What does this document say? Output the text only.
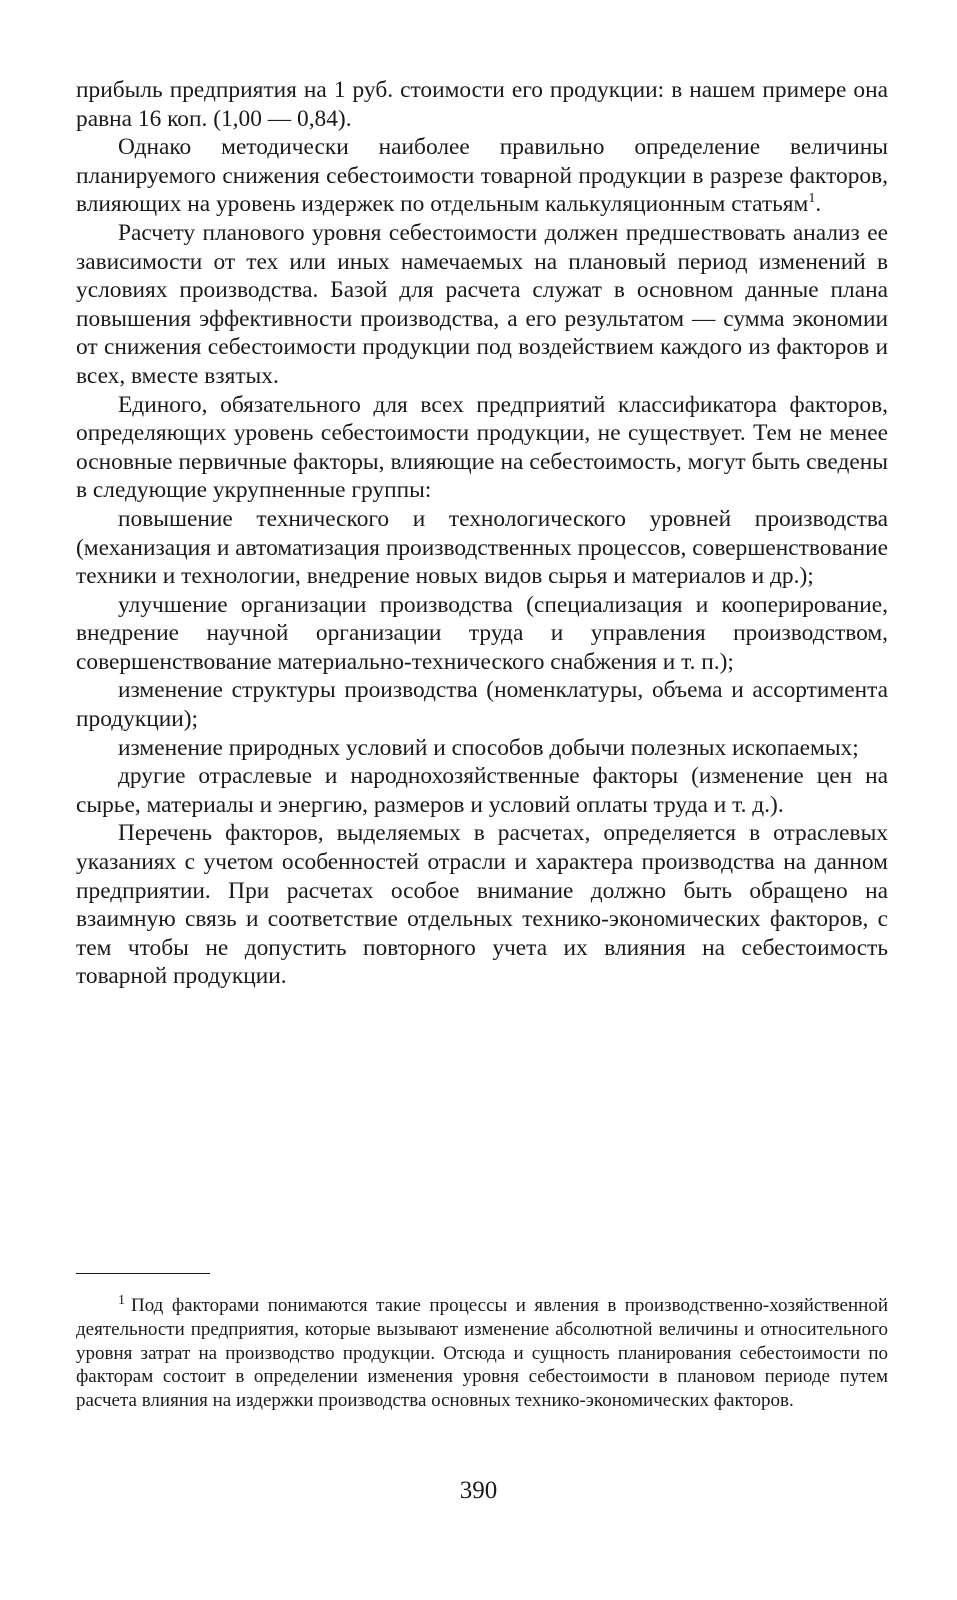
прибыль предприятия на 1 руб. стоимости его продукции: в нашем примере она равна 16 коп. (1,00 — 0,84).

Однако методически наиболее правильно определение величины планируемого снижения себестоимости товарной продукции в разрезе факторов, влияющих на уровень издержек по отдельным калькуляционным статьям$^1$.

Расчету планового уровня себестоимости должен предшествовать анализ ее зависимости от тех или иных намечаемых на плановый период изменений в условиях производства. Базой для расчета служат в основном данные плана повышения эффективности производства, а его результатом — сумма экономии от снижения себестоимости продукции под воздействием каждого из факторов и всех, вместе взятых.

Единого, обязательного для всех предприятий классификатора факторов, определяющих уровень себестоимости продукции, не существует. Тем не менее основные первичные факторы, влияющие на себестоимость, могут быть сведены в следующие укрупненные группы:

повышение технического и технологического уровней производства (механизация и автоматизация производственных процессов, совершенствование техники и технологии, внедрение новых видов сырья и материалов и др.);

улучшение организации производства (специализация и кооперирование, внедрение научной организации труда и управления производством, совершенствование материально-технического снабжения и т. п.);

изменение структуры производства (номенклатуры, объема и ассортимента продукции);

изменение природных условий и способов добычи полезных ископаемых;

другие отраслевые и народнохозяйственные факторы (изменение цен на сырье, материалы и энергию, размеров и условий оплаты труда и т. д.).

Перечень факторов, выделяемых в расчетах, определяется в отраслевых указаниях с учетом особенностей отрасли и характера производства на данном предприятии. При расчетах особое внимание должно быть обращено на взаимную связь и соответствие отдельных технико-экономических факторов, с тем чтобы не допустить повторного учета их влияния на себестоимость товарной продукции.

$^1$ Под факторами понимаются такие процессы и явления в производственно-хозяйственной деятельности предприятия, которые вызывают изменение абсолютной величины и относительного уровня затрат на производство продукции. Отсюда и сущность планирования себестоимости по факторам состоит в определении изменения уровня себестоимости в плановом периоде путем расчета влияния на издержки производства основных технико-экономических факторов.

390
